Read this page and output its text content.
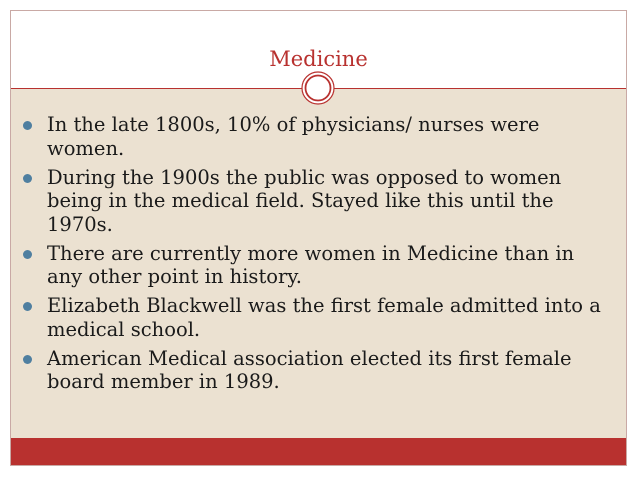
Medicine
In the late 1800s, 10% of physicians/ nurses were women.
During the 1900s the public was opposed to women being in the medical field. Stayed like this until the 1970s.
There are currently more women in Medicine than in any other point in history.
Elizabeth Blackwell was the first female admitted into a medical school.
American Medical association elected its first female board member in 1989.
